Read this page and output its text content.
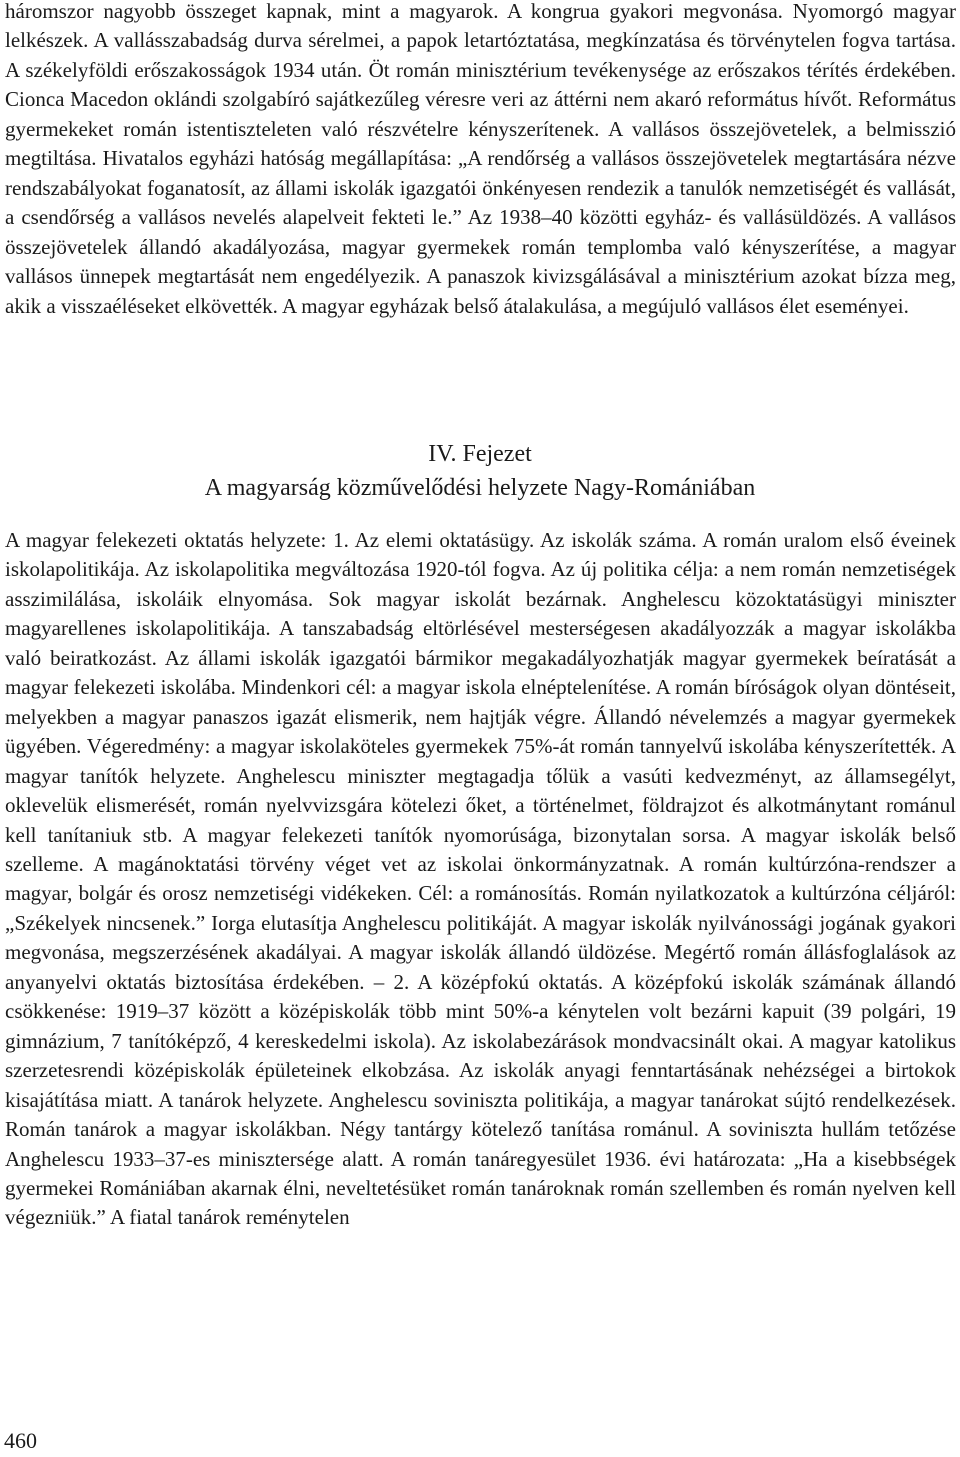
háromszor nagyobb összeget kapnak, mint a magyarok. A kongrua gyakori megvonása. Nyomorgó magyar lelkészek. A vallásszabadság durva sérelmei, a papok letartóztatása, megkínzatása és törvénytelen fogva tartása. A székelyföldi erőszakosságok 1934 után. Öt román minisztérium tevékenysége az erőszakos térítés érdekében. Cionca Macedon oklándi szolgabíró sajátkezűleg véresre veri az áttérni nem akaró református hívőt. Református gyermekeket román istentiszteleten való részvételre kényszerítenek. A vallásos összejövetelek, a belmisszió megtiltása. Hivatalos egyházi hatóság megállapítása: „A rendőrség a vallásos összejövetelek megtartására nézve rendszabályokat foganatosít, az állami iskolák igazgatói önkényesen rendezik a tanulók nemzetiségét és vallását, a csendőrség a vallásos nevelés alapelveit fekteti le.” Az 1938–40 közötti egyház- és vallásüldözés. A vallásos összejövetelek állandó akadályozása, magyar gyermekek román templomba való kényszerítése, a magyar vallásos ünnepek megtartását nem engedélyezik. A panaszok kivizsgálásával a minisztérium azokat bízza meg, akik a visszaéléseket elkövették. A magyar egyházak belső átalakulása, a megújuló vallásos élet eseményei.

IV. Fejezet

A magyarság közművelődési helyzete Nagy-Romániában

A magyar felekezeti oktatás helyzete: 1. Az elemi oktatásügy. Az iskolák száma. A román uralom első éveinek iskolapolitikája. Az iskolapolitika megváltozása 1920-tól fogva. Az új politika célja: a nem román nemzetiségek asszimilálása, iskoláik elnyomása. Sok magyar iskolát bezárnak. Anghelescu közoktatásügyi miniszter magyarellenes iskolapolitikája. A tanszabadság eltörlésével mesterségesen akadályozzák a magyar iskolákba való beiratkozást. Az állami iskolák igazgatói bármikor megakadályozhatják magyar gyermekek beíratását a magyar felekezeti iskolába. Mindenkori cél: a magyar iskola elnéptelenítése. A román bíróságok olyan döntéseit, melyekben a magyar panaszos igazát elismerik, nem hajtják végre. Állandó névelemzés a magyar gyermekek ügyében. Végeredmény: a magyar iskolaköteles gyermekek 75%-át román tannyelvű iskolába kényszerítették. A magyar tanítók helyzete. Anghelescu miniszter megtagadja tőlük a vasúti kedvezményt, az államsegélyt, oklevelük elismerését, román nyelvvizsgára kötelezi őket, a történelmet, földrajzot és alkotmánytant románul kell tanítaniuk stb. A magyar felekezeti tanítók nyomorúsága, bizonytalan sorsa. A magyar iskolák belső szelleme. A magánoktatási törvény véget vet az iskolai önkormányzatnak. A román kultúrzóna-rendszer a magyar, bolgár és orosz nemzetiségi vidékeken. Cél: a románosítás. Román nyilatkozatok a kultúrzóna céljáról: „Székelyek nincsenek.” Iorga elutasítja Anghelescu politikáját. A magyar iskolák nyilvánossági jogának gyakori megvonása, megszerzésének akadályai. A magyar iskolák állandó üldözése. Megértő román állásfoglalások az anyanyelvi oktatás biztosítása érdekében. – 2. A középfokú oktatás. A középfokú iskolák számának állandó csökkenése: 1919–37 között a középiskolák több mint 50%-a kénytelen volt bezárni kapuit (39 polgári, 19 gimnázium, 7 tanítóképző, 4 kereskedelmi iskola). Az iskolabezárások mondvacsinált okai. A magyar katolikus szerzetesrendi középiskolák épületeinek elkobzása. Az iskolák anyagi fenntartásának nehézségei a birtokok kisajátítása miatt. A tanárok helyzete. Anghelescu soviniszta politikája, a magyar tanárokat sújtó rendelkezések. Román tanárok a magyar iskolákban. Négy tantárgy kötelező tanítása románul. A soviniszta hullám tetőzése Anghelescu 1933–37-es minisztersége alatt. A román tanáregyesület 1936. évi határozata: „Ha a kisebbségek gyermekei Romániában akarnak élni, neveltetésüket román tanároknak román szellemben és román nyelven kell végezniük.” A fiatal tanárok reménytelen

460
